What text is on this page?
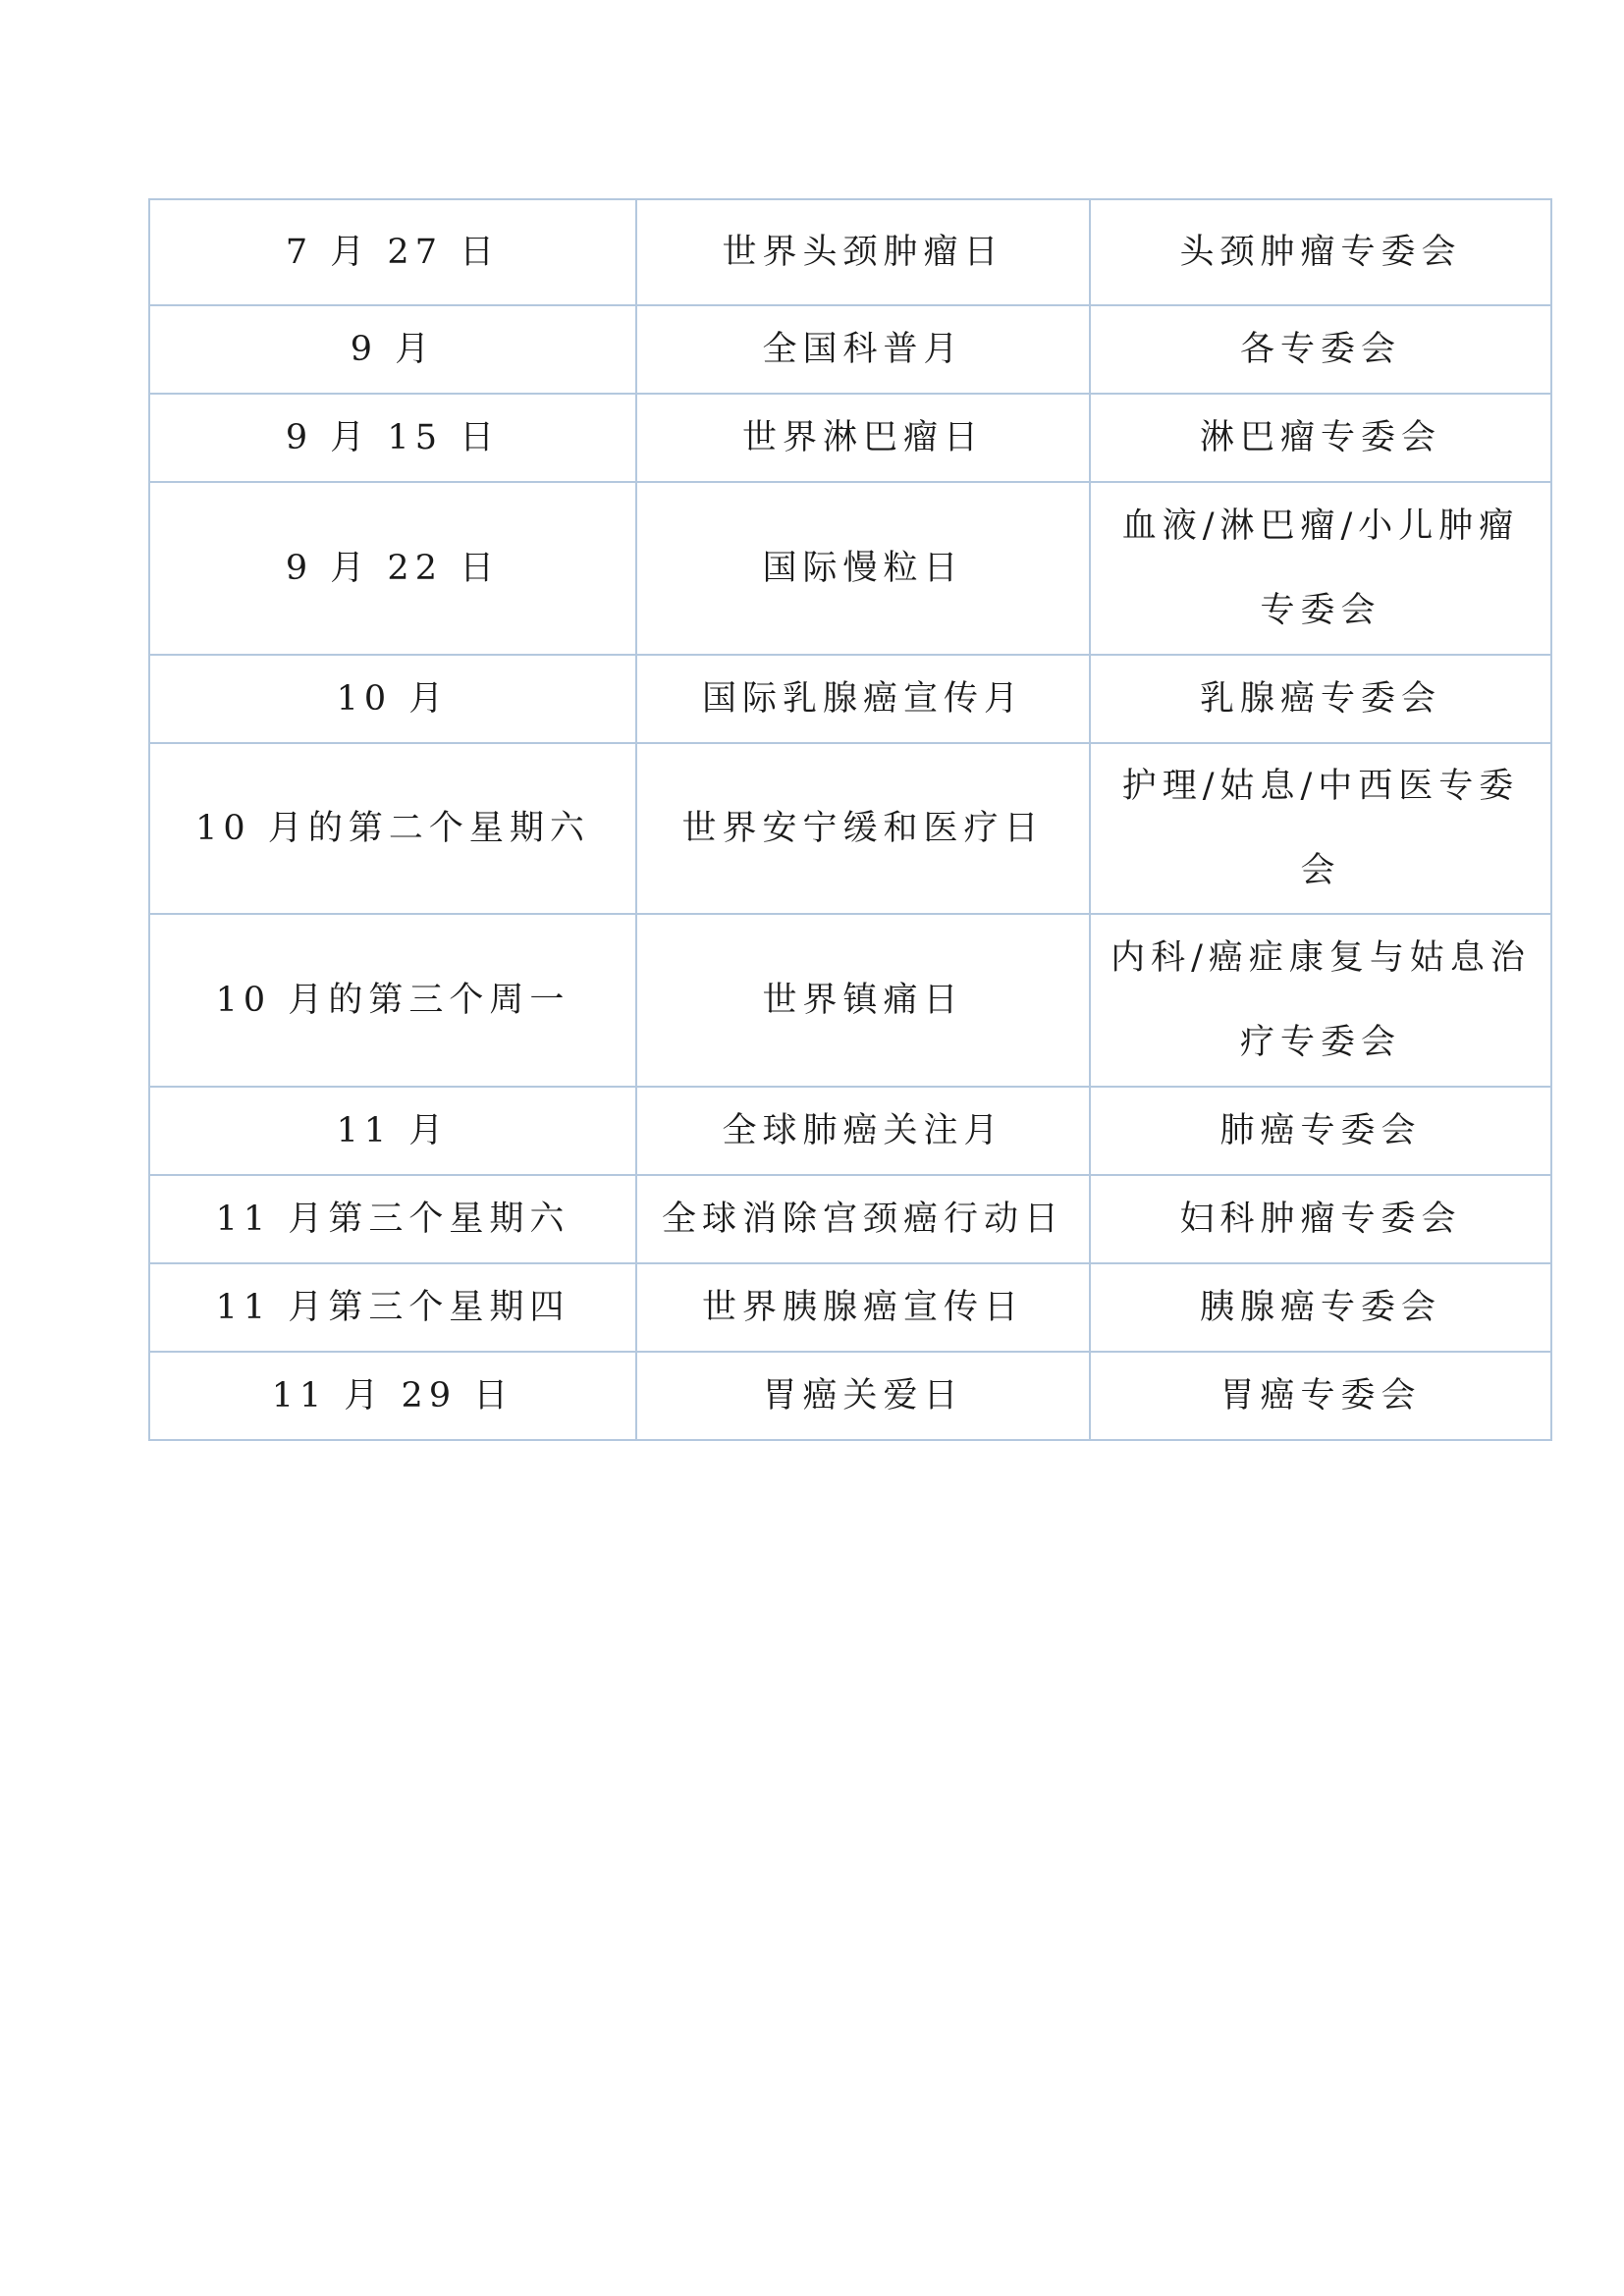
7 月 27 日	世界头颈肿瘤日	头颈肿瘤专委会
9 月	全国科普月	各专委会
9 月 15 日	世界淋巴瘤日	淋巴瘤专委会
9 月 22 日	国际慢粒日	血液/淋巴瘤/小儿肿瘤专委会
10 月	国际乳腺癌宣传月	乳腺癌专委会
10 月的第二个星期六	世界安宁缓和医疗日	护理/姑息/中西医专委会
10 月的第三个周一	世界镇痛日	内科/癌症康复与姑息治疗专委会
11 月	全球肺癌关注月	肺癌专委会
11 月第三个星期六	全球消除宫颈癌行动日	妇科肿瘤专委会
11 月第三个星期四	世界胰腺癌宣传日	胰腺癌专委会
11 月 29 日	胃癌关爱日	胃癌专委会
